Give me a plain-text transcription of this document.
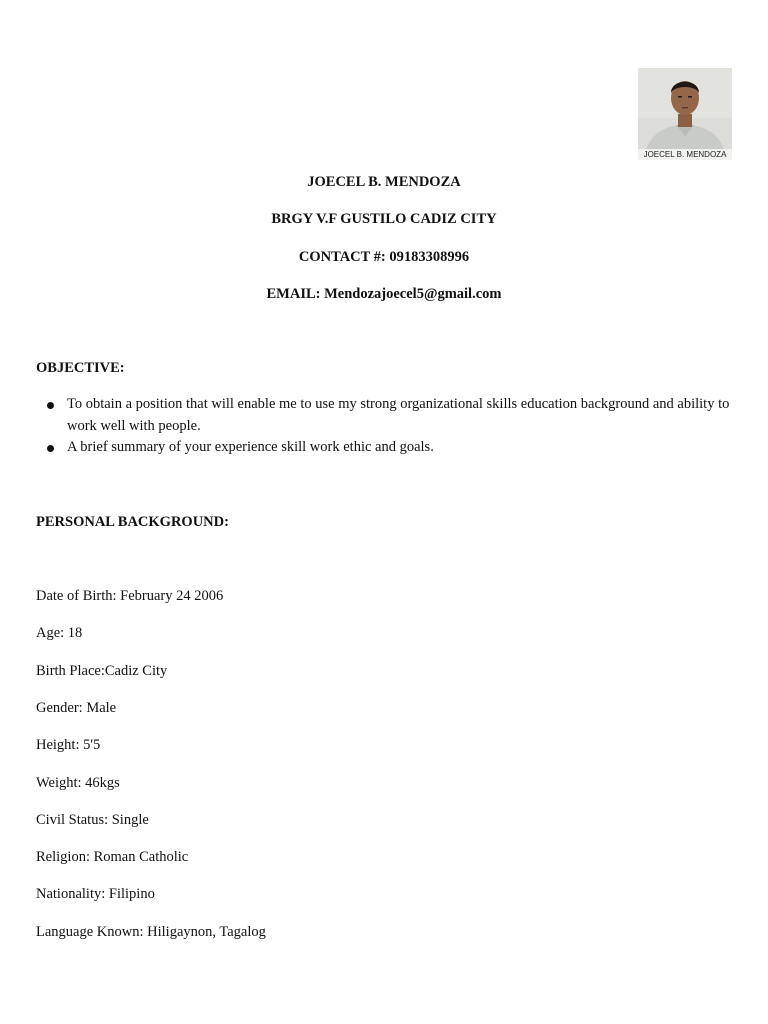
JOECEL B. MENDOZA
JOECEL B. MENDOZA
BRGY V.F GUSTILO CADIZ CITY
CONTACT #: 09183308996
EMAIL: Mendozajoecel5@gmail.com
OBJECTIVE:
To obtain a position that will enable me to use my strong organizational skills education background and ability to work well with people.
A brief summary of your experience skill work ethic and goals.
PERSONAL BACKGROUND:
Date of Birth: February 24 2006
Age: 18
Birth Place:Cadiz City
Gender: Male
Height: 5'5
Weight: 46kgs
Civil Status: Single
Religion: Roman Catholic
Nationality: Filipino
Language Known: Hiligaynon, Tagalog
